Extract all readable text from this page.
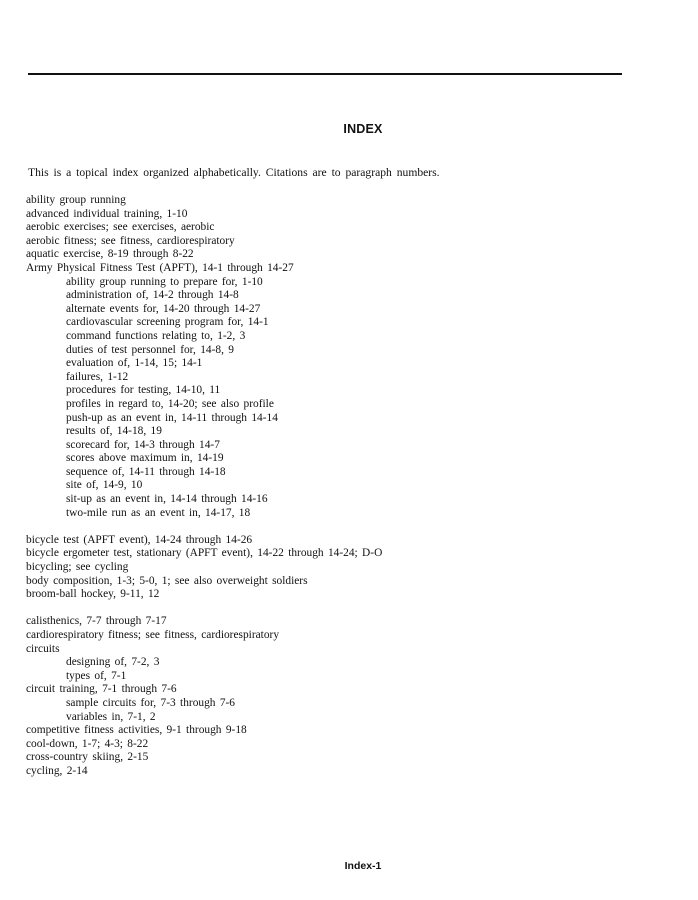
INDEX
This is a topical index organized alphabetically. Citations are to paragraph numbers.
ability group running
advanced individual training, 1-10
aerobic exercises; see exercises, aerobic
aerobic fitness; see fitness, cardiorespiratory
aquatic exercise, 8-19 through 8-22
Army Physical Fitness Test (APFT), 14-1 through 14-27
ability group running to prepare for, 1-10
administration of, 14-2 through 14-8
alternate events for, 14-20 through 14-27
cardiovascular screening program for, 14-1
command functions relating to, 1-2, 3
duties of test personnel for, 14-8, 9
evaluation of, 1-14, 15; 14-1
failures, 1-12
procedures for testing, 14-10, 11
profiles in regard to, 14-20; see also profile
push-up as an event in, 14-11 through 14-14
results of, 14-18, 19
scorecard for, 14-3 through 14-7
scores above maximum in, 14-19
sequence of, 14-11 through 14-18
site of, 14-9, 10
sit-up as an event in, 14-14 through 14-16
two-mile run as an event in, 14-17, 18
bicycle test (APFT event), 14-24 through 14-26
bicycle ergometer test, stationary (APFT event), 14-22 through 14-24; D-O
bicycling; see cycling
body composition, 1-3; 5-0, 1; see also overweight soldiers
broom-ball hockey, 9-11, 12
calisthenics, 7-7 through 7-17
cardiorespiratory fitness; see fitness, cardiorespiratory
circuits
designing of, 7-2, 3
types of, 7-1
circuit training, 7-1 through 7-6
sample circuits for, 7-3 through 7-6
variables in, 7-1, 2
competitive fitness activities, 9-1 through 9-18
cool-down, 1-7; 4-3; 8-22
cross-country skiing, 2-15
cycling, 2-14
Index-1
